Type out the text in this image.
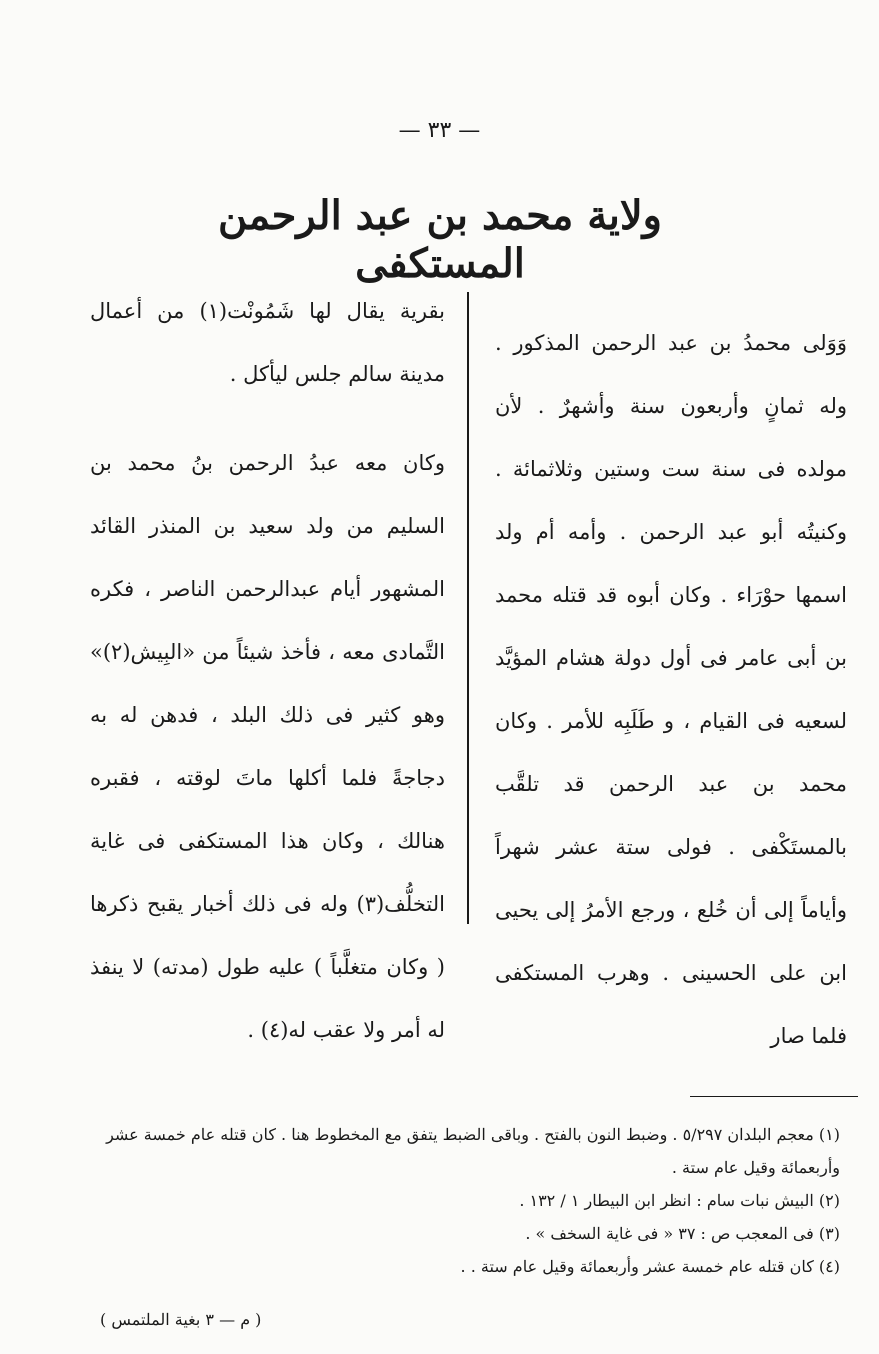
— ٣٣ —
ولاية محمد بن عبد الرحمن المستكفى

وَوَلى محمدُ بن عبد الرحمن المذكور . وله ثمانٍ وأربعون سنة وأشهرٌ . لأن مولده فى سنة ست وستين وثلاثمائة . وكنيتُه أبو عبد الرحمن . وأمه أم ولد اسمها حوْرَاء . وكان أبوه قد قتله محمد بن أبى عامر فى أول دولة هشام المؤيَّد لسعيه فى القيام ، و طَلَبِه للأمر . وكان محمد بن عبد الرحمن قد تلقَّب بالمستَكْفى . فولى ستة عشر شهراً وأياماً إلى أن خُلع ، ورجع الأمرُ إلى يحيى ابن على الحسينى . وهرب المستكفى فلما صار

بقرية يقال لها شَمُونْت(١) من أعمال مدينة سالم جلس ليأكل .

وكان معه عبدُ الرحمن بنُ محمد بن السليم من ولد سعيد بن المنذر القائد المشهور أيام عبدالرحمن الناصر ، فكره التَّمادى معه ، فأخذ شيئاً من «البِيش(٢)» وهو كثير فى ذلك البلد ، فدهن له به دجاجةً فلما أكلها ماتَ لوقته ، فقبره هنالك ، وكان هذا المستكفى فى غاية التخلُّف(٣) وله فى ذلك أخبار يقبح ذكرها ( وكان متغلَّباً ) عليه طول (مدته) لا ينفذ له أمر ولا عقب له(٤) .

(١) معجم البلدان ٥/٢٩٧ . وضبط النون بالفتح . وباقى الضبط يتفق مع المخطوط هنا . كان قتله عام خمسة عشر وأربعمائة وقيل عام ستة .

(٢) البيش نبات سام : انظر ابن البيطار ١ / ١٣٢ .

(٣) فى المعجب ص : ٣٧ « فى غاية السخف » .

(٤) كان قتله عام خمسة عشر وأربعمائة وقيل عام ستة . .

( م — ٣ بغية الملتمس )
